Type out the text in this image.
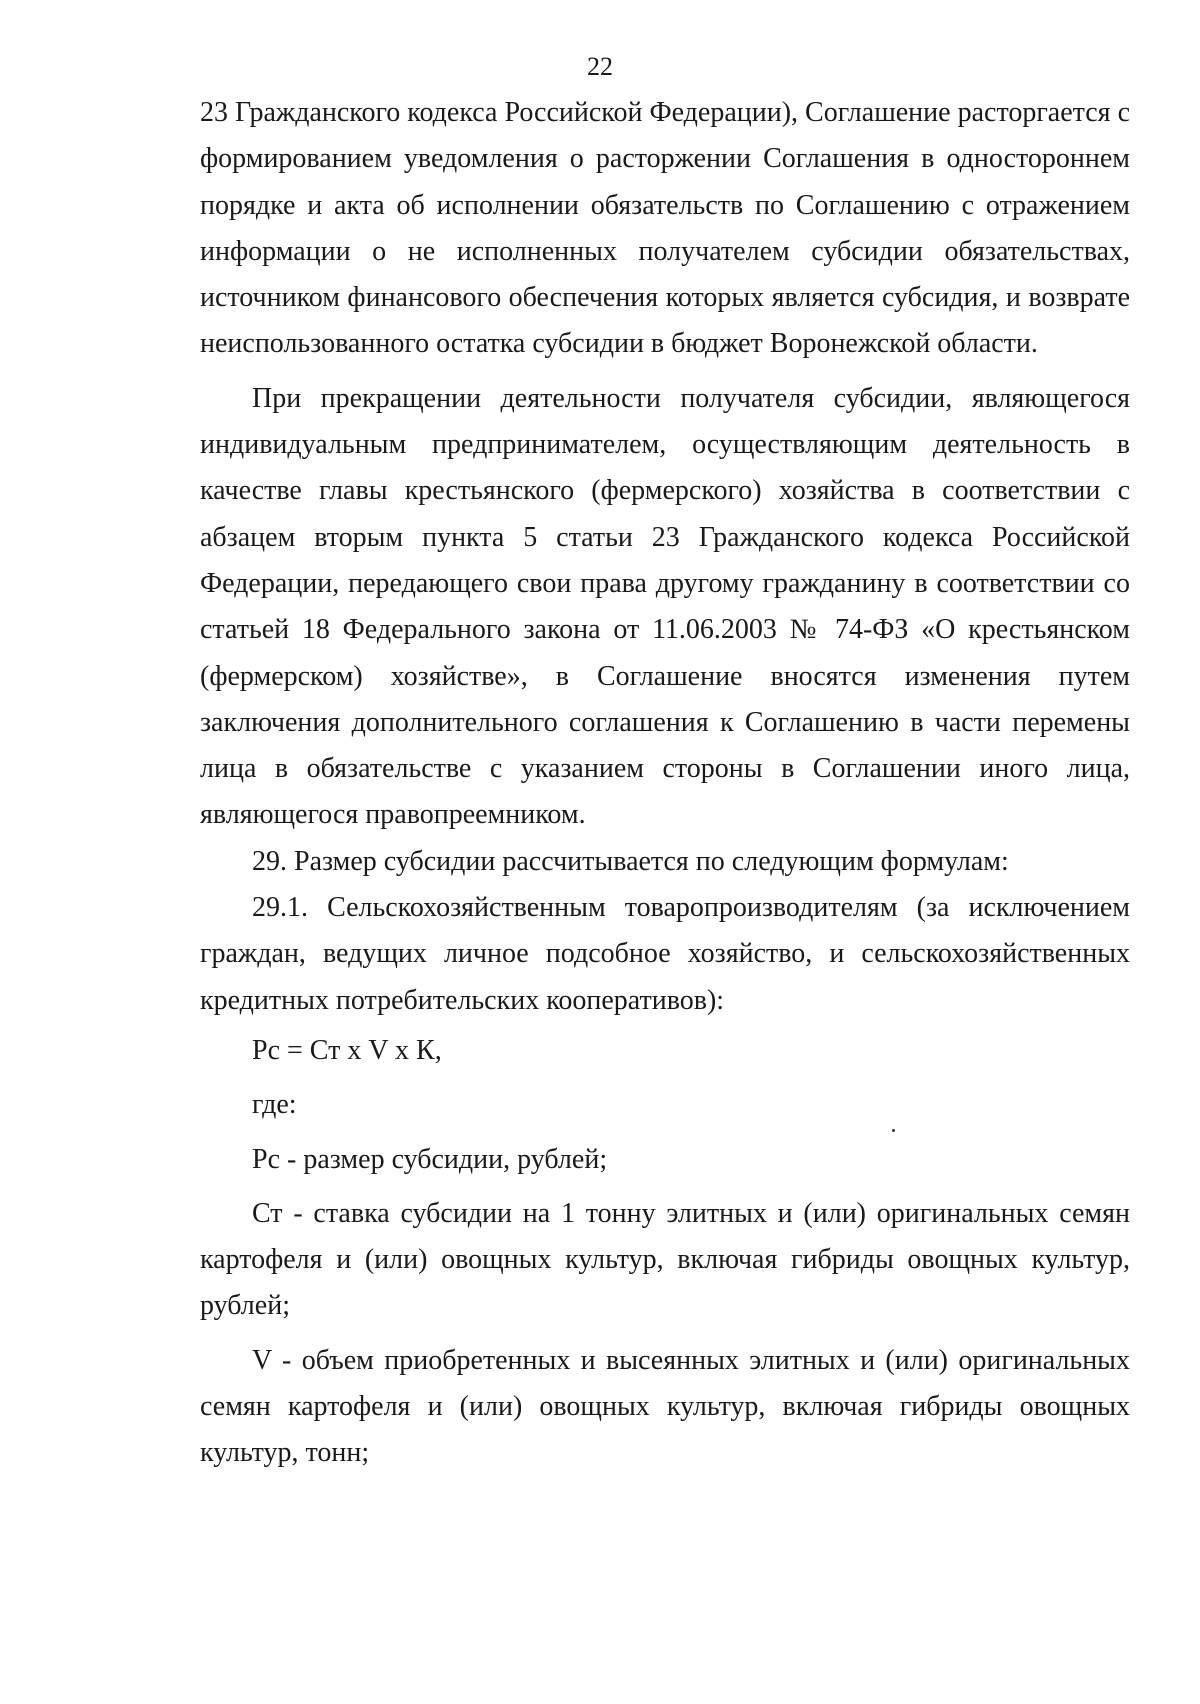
22

23 Гражданского кодекса Российской Федерации), Соглашение расторгается с формированием уведомления о расторжении Соглашения в одностороннем порядке и акта об исполнении обязательств по Соглашению с отражением информации о не исполненных получателем субсидии обязательствах, источником финансового обеспечения которых является субсидия, и возврате неиспользованного остатка субсидии в бюджет Воронежской области.

При прекращении деятельности получателя субсидии, являющегося индивидуальным предпринимателем, осуществляющим деятельность в качестве главы крестьянского (фермерского) хозяйства в соответствии с абзацем вторым пункта 5 статьи 23 Гражданского кодекса Российской Федерации, передающего свои права другому гражданину в соответствии со статьей 18 Федерального закона от 11.06.2003 № 74-ФЗ «О крестьянском (фермерском) хозяйстве», в Соглашение вносятся изменения путем заключения дополнительного соглашения к Соглашению в части перемены лица в обязательстве с указанием стороны в Соглашении иного лица, являющегося правопреемником.

29. Размер субсидии рассчитывается по следующим формулам:

29.1. Сельскохозяйственным товаропроизводителям (за исключением граждан, ведущих личное подсобное хозяйство, и сельскохозяйственных кредитных потребительских кооперативов):

Рс = Ст х V х К,

где:

Рс - размер субсидии, рублей;

Ст - ставка субсидии на 1 тонну элитных и (или) оригинальных семян картофеля и (или) овощных культур, включая гибриды овощных культур, рублей;

V - объем приобретенных и высеянных элитных и (или) оригинальных семян картофеля и (или) овощных культур, включая гибриды овощных культур, тонн;
